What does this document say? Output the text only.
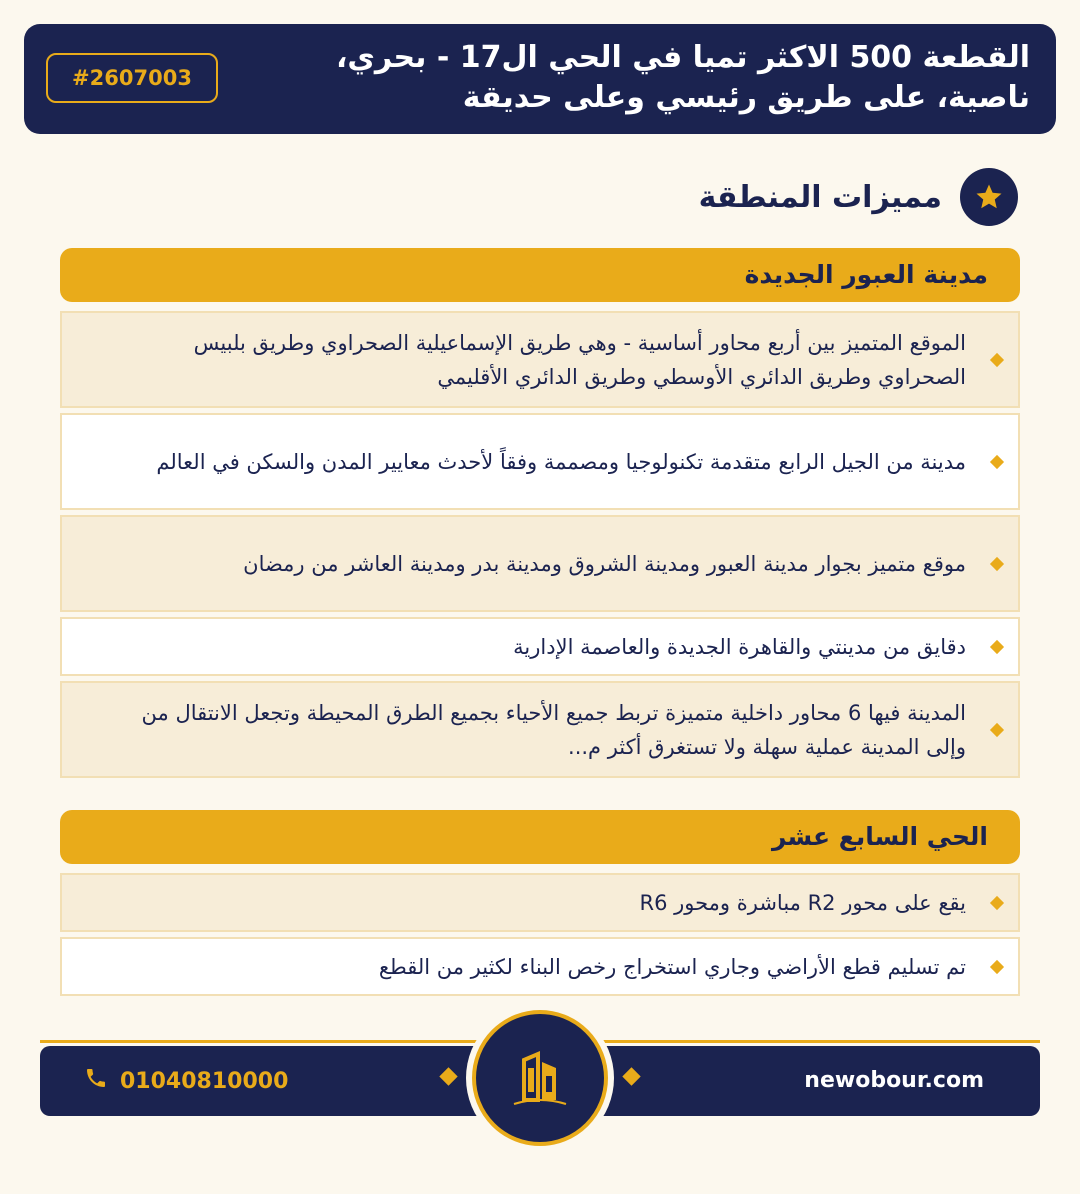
#2607003
القطعة 500 الاكثر تميا في الحي ال17 - بحري، ناصية، على طريق رئيسي وعلى حديقة
مميزات المنطقة
مدينة العبور الجديدة
الموقع المتميز بين أربع محاور أساسية - وهي طريق الإسماعيلية الصحراوي وطريق بلبيس الصحراوي وطريق الدائري الأوسطي وطريق الدائري الأقليمي
مدينة من الجيل الرابع متقدمة تكنولوجيا ومصممة وفقاً لأحدث معايير المدن والسكن في العالم
موقع متميز بجوار مدينة العبور ومدينة الشروق ومدينة بدر ومدينة العاشر من رمضان
دقايق من مدينتي والقاهرة الجديدة والعاصمة الإدارية
المدينة فيها 6 محاور داخلية متميزة تربط جميع الأحياء بجميع الطرق المحيطة وتجعل الانتقال من وإلى المدينة عملية سهلة ولا تستغرق أكثر م...
الحي السابع عشر
يقع على محور R2 مباشرة ومحور R6
تم تسليم قطع الأراضي وجاري استخراج رخص البناء لكثير من القطع
01040810000	newobour.com
